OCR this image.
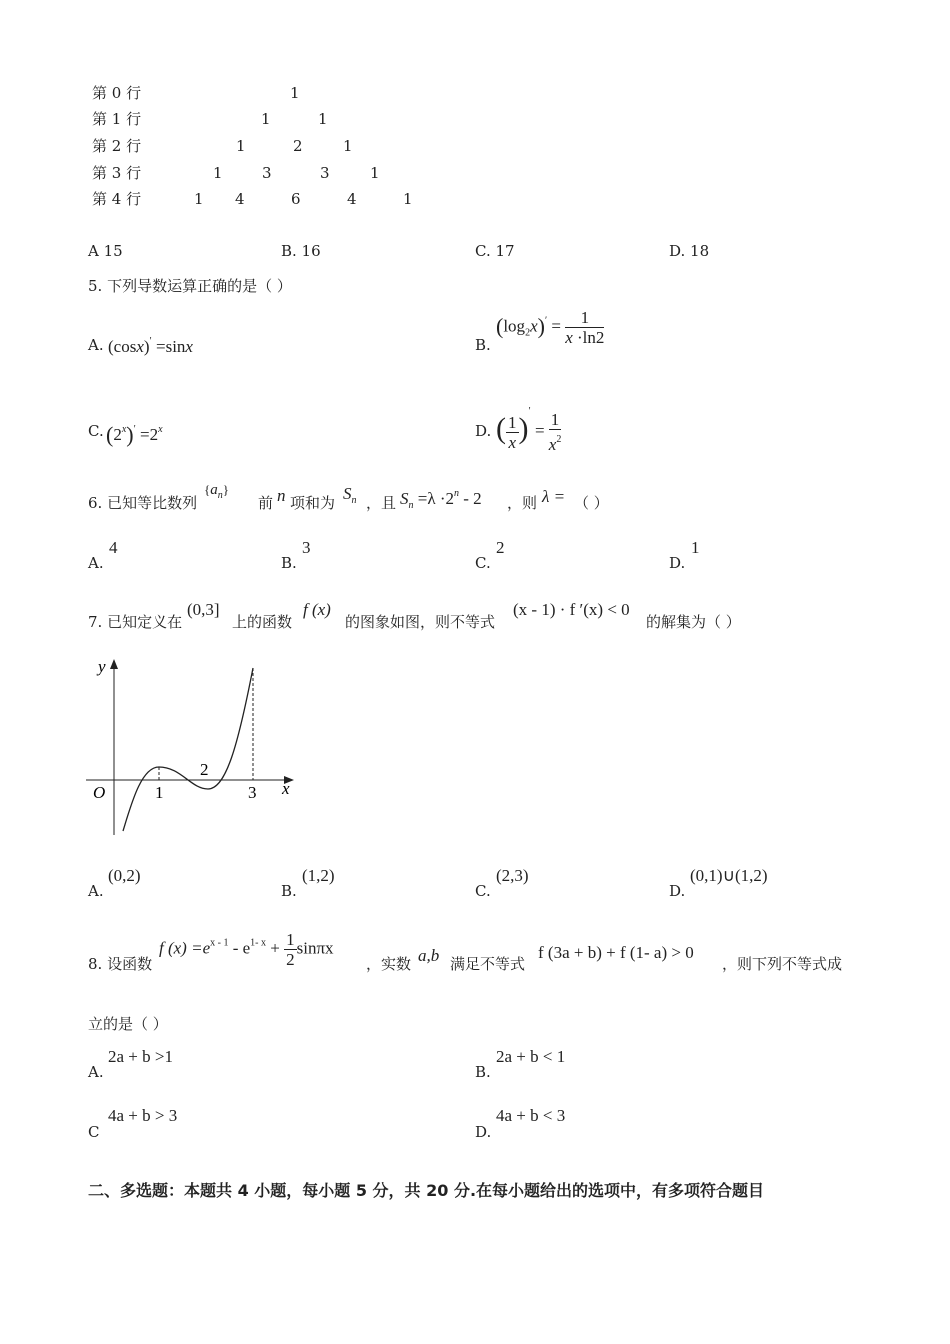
第 0 行	1
第 1 行	1	1
第 2 行	1	2	1
第 3 行	1	3	3	1
第 4 行	1 4	6	4	1
A 15	B. 16	C. 17	D. 18
5. 下列导数运算正确的是（ ）
A. (cosx)′ =sinx	B.
$(\log_2x)' = \frac{1}{x \cdot\ln 2}$
C. $(2^x)' =2^x$	D. ( $\frac{1}{x} )' = \frac{1}{x^2}$
6. 已知等比数列
$\{a_n\}$
前 n 项和为 $S_n$ ，且 $S_n =\lambda \cdot 2^n - 2$ ，则 λ = （ ）
A.
4
B.
3
C.
2
D.
1
7. 已知定义在
(0,3]
上的函数
f (x)
的图象如图，则不等式
(x - 1) · f ′(x) < 0
的解集为（ ）
y
x
O	1
2
3
A.
(0,2)
B.
(1,2)
C.
(2,3)
D.
(0,1)∪(1,2)
8. 设函数
f $(x) =e^{x - 1} - e^{1- x} + \frac{1}{2}$ sinπx
，实数 a,b 满足不等式
f (3a + b) + f (1- a) > 0
，则下列不等式成
立的是（ ）
A.
2a + b >1
B.
2a + b < 1
C
4a + b > 3
D.
4a + b < 3
二、多选题：本题共 4 小题，每小题 5 分，共 20 分.在每小题给出的选项中，有多项符合题目
